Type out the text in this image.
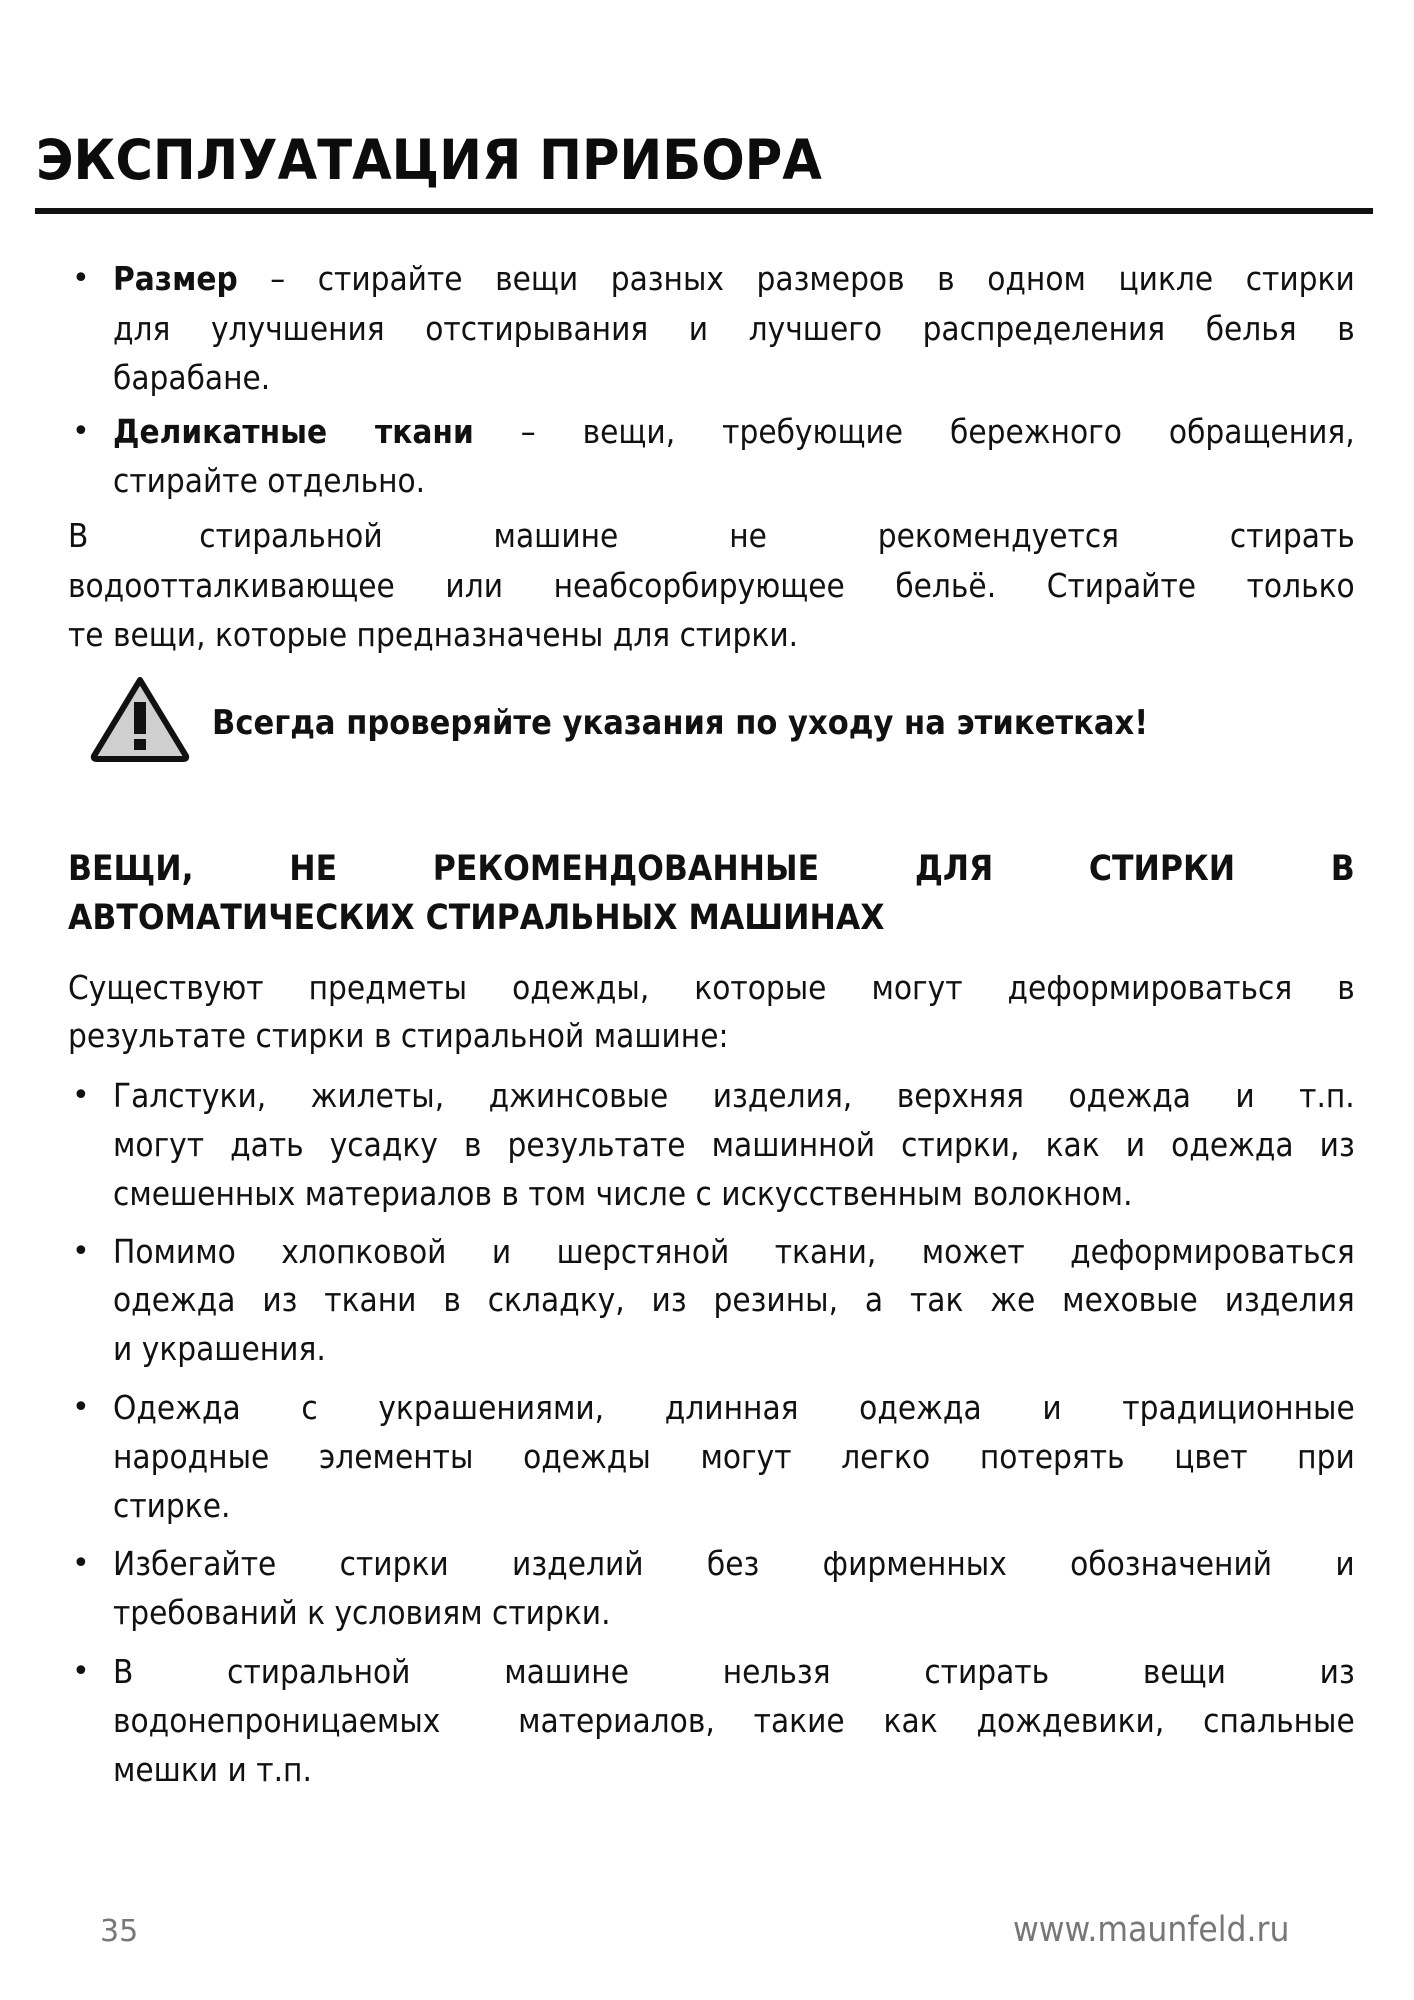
ЭКСПЛУАТАЦИЯ ПРИБОРА
• Размер – стирайте вещи разных размеров в одном цикле стирки
для улучшения отстирывания и лучшего распределения белья в
барабане.
• Деликатные ткани – вещи, требующие бережного обращения,
стирайте отдельно.
В стиральной машине не рекомендуется стирать
водоотталкивающее или неабсорбирующее бельё. Стирайте только
те вещи, которые предназначены для стирки.
Всегда проверяйте указания по уходу на этикетках!
ВЕЩИ, НЕ РЕКОМЕНДОВАННЫЕ ДЛЯ СТИРКИ В
АВТОМАТИЧЕСКИХ СТИРАЛЬНЫХ МАШИНАХ
Существуют предметы одежды, которые могут деформироваться в
результате стирки в стиральной машине:
• Галстуки, жилеты, джинсовые изделия, верхняя одежда и т.п.
могут дать усадку в результате машинной стирки, как и одежда из
смешенных материалов в том числе с искусственным волокном.
• Помимо хлопковой и шерстяной ткани, может деформироваться
одежда из ткани в складку, из резины, а так же меховые изделия
и украшения.
• Одежда с украшениями, длинная одежда и традиционные
народные элементы одежды могут легко потерять цвет при
стирке.
• Избегайте стирки изделий без фирменных обозначений и
требований к условиям стирки.
• В стиральной машине нельзя стирать вещи из
водонепроницаемых  материалов, такие как дождевики, спальные
мешки и т.п.
35	www.maunfeld.ru
